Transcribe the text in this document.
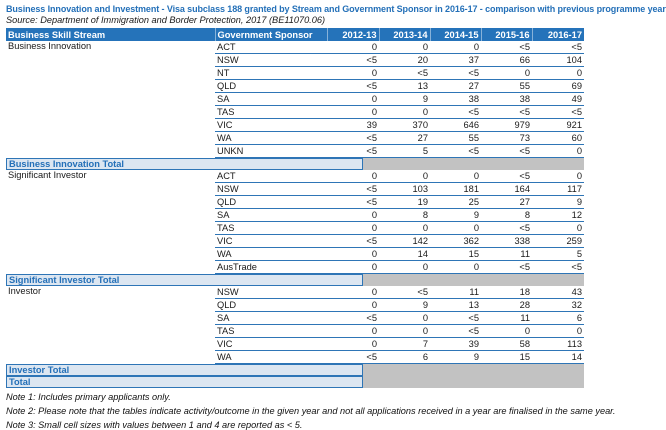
Business Innovation and Investment - Visa subclass 188 granted by Stream and Government Sponsor in 2016-17 - comparison with previous programme year
Source: Department of Immigration and Border Protection, 2017 (BE11070.06)
Business Skill Stream	Government Sponsor	2012-13	2013-14	2014-15	2015-16	2016-17
Business Innovation	ACT	0	0	0	<5	<5
	NSW	<5	20	37	66	104
	NT	0	<5	<5	0	0
	QLD	<5	13	27	55	69
	SA	0	9	38	38	49
	TAS	0	0	<5	<5	<5
	VIC	39	370	646	979	921
	WA	<5	27	55	73	60
	UNKN	<5	5	<5	<5	0

Business Innovation Total						

Significant Investor	ACT	0	0	0	<5	0
	NSW	<5	103	181	164	117
	QLD	<5	19	25	27	9
	SA	0	8	9	8	12
	TAS	0	0	0	<5	0
	VIC	<5	142	362	338	259
	WA	0	14	15	11	5
	AusTrade	0	0	0	<5	<5

Significant Investor Total						

Investor	NSW	0	<5	11	18	43
	QLD	0	9	13	28	32
	SA	<5	0	<5	11	6
	TAS	0	0	<5	0	0
	VIC	0	7	39	58	113
	WA	<5	6	9	15	14

Investor Total						

Total						
Note 1: Includes primary applicants only.
Note 2: Please note that the tables indicate activity/outcome in the given year and not all applications received in a year are finalised in the same year.
Note 3: Small cell sizes with values between 1 and 4 are reported as < 5.
